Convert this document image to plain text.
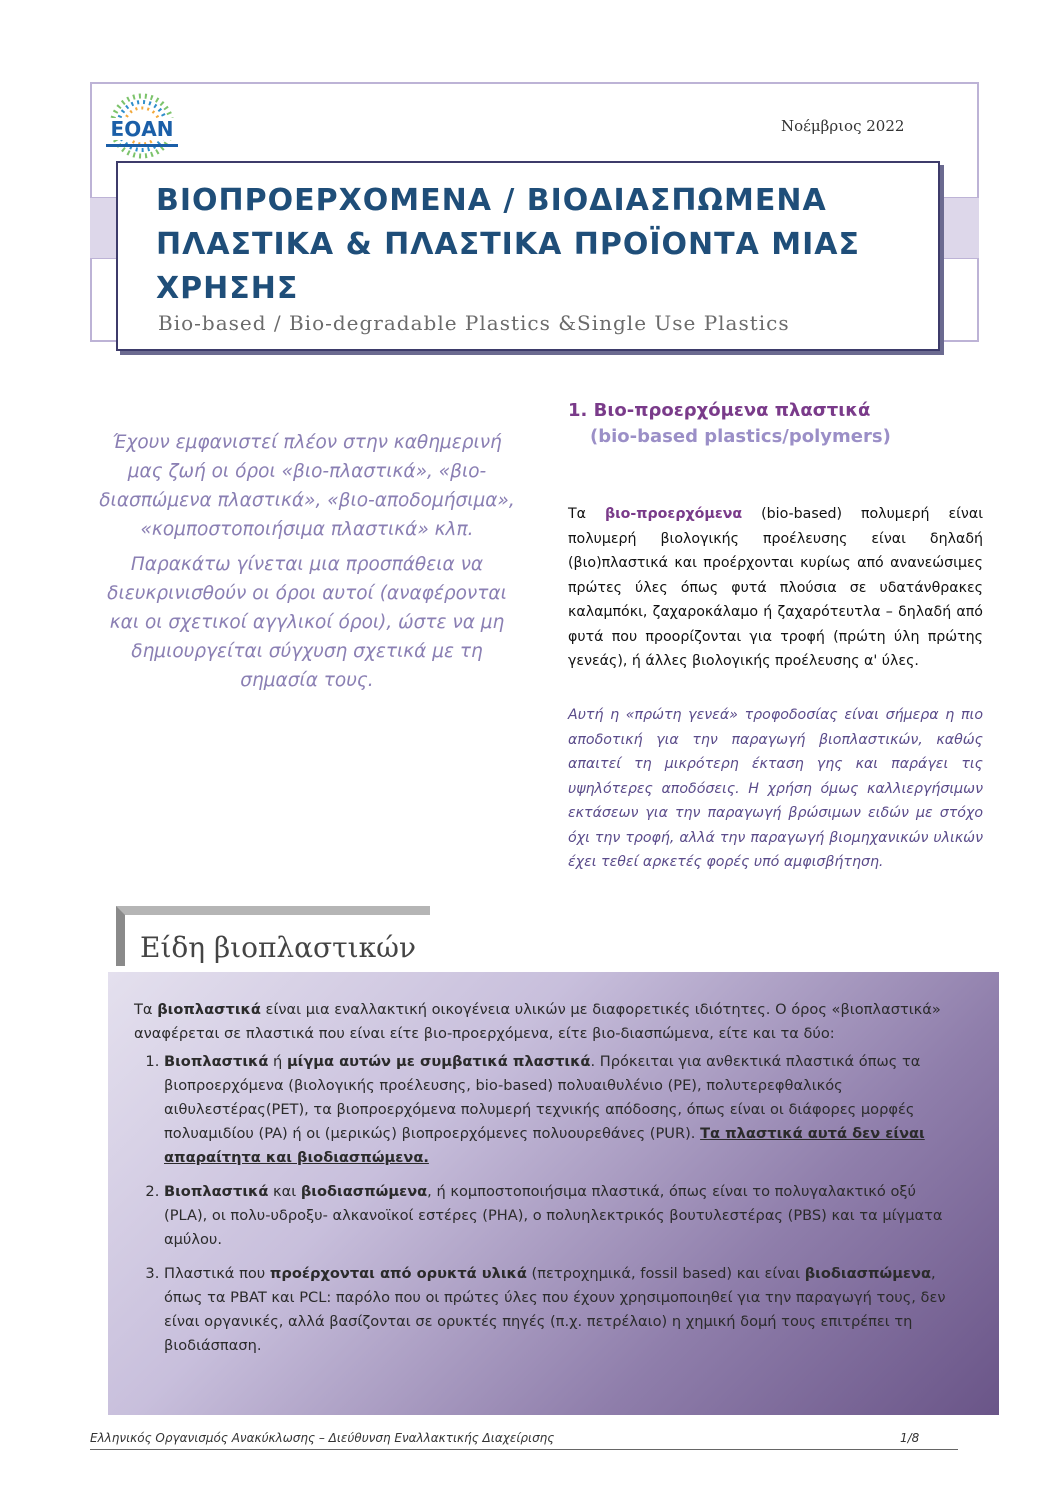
ΕΟΑΝ	Νοέμβριος 2022
ΒΙΟΠΡΟΕΡΧΟΜΕΝΑ / ΒΙΟΔΙΑΣΠΩΜΕΝΑ
ΠΛΑΣΤΙΚΑ & ΠΛΑΣΤΙΚΑ ΠΡΟΪΟΝΤΑ ΜΙΑΣ
ΧΡΗΣΗΣ
Bio-based / Bio-degradable Plastics &Single Use Plastics

Έχουν εμφανιστεί πλέον στην καθημερινή μας ζωή οι όροι «βιο-πλαστικά», «βιο-διασπώμενα πλαστικά», «βιο-αποδομήσιμα», «κομποστοποιήσιμα πλαστικά» κλπ.

Παρακάτω γίνεται μια προσπάθεια να διευκρινισθούν οι όροι αυτοί (αναφέρονται και οι σχετικοί αγγλικοί όροι), ώστε να μη δημιουργείται σύγχυση σχετικά με τη σημασία τους.

1. Βιο-προερχόμενα πλαστικά
(bio-based plastics/polymers)

Τα βιο-προερχόμενα (bio-based) πολυμερή είναι πολυμερή βιολογικής προέλευσης είναι δηλαδή (βιο)πλαστικά και προέρχονται κυρίως από ανανεώσιμες πρώτες ύλες όπως φυτά πλούσια σε υδατάνθρακες καλαμπόκι, ζαχαροκάλαμο ή ζαχαρότευτλα – δηλαδή από φυτά που προορίζονται για τροφή (πρώτη ύλη πρώτης γενεάς), ή άλλες βιολογικής προέλευσης α' ύλες.

Αυτή η «πρώτη γενεά» τροφοδοσίας είναι σήμερα η πιο αποδοτική για την παραγωγή βιοπλαστικών, καθώς απαιτεί τη μικρότερη έκταση γης και παράγει τις υψηλότερες αποδόσεις. Η χρήση όμως καλλιεργήσιμων εκτάσεων για την παραγωγή βρώσιμων ειδών με στόχο όχι την τροφή, αλλά την παραγωγή βιομηχανικών υλικών έχει τεθεί αρκετές φορές υπό αμφισβήτηση.

Είδη βιοπλαστικών

Τα βιοπλαστικά είναι μια εναλλακτική οικογένεια υλικών με διαφορετικές ιδιότητες. Ο όρος «βιοπλαστικά» αναφέρεται σε πλαστικά που είναι είτε βιο-προερχόμενα, είτε βιο-διασπώμενα, είτε και τα δύο:

1. Βιοπλαστικά ή μίγμα αυτών με συμβατικά πλαστικά. Πρόκειται για ανθεκτικά πλαστικά όπως τα βιοπροερχόμενα (βιολογικής προέλευσης, bio-based) πολυαιθυλένιο (PE), πολυτερεφθαλικός αιθυλεστέρας(PET), τα βιοπροερχόμενα πολυμερή τεχνικής απόδοσης, όπως είναι οι διάφορες μορφές πολυαμιδίου (PA) ή οι (μερικώς) βιοπροερχόμενες πολυουρεθάνες (PUR). Τα πλαστικά αυτά δεν είναι απαραίτητα και βιοδιασπώμενα.
2. Βιοπλαστικά και βιοδιασπώμενα, ή κομποστοποιήσιμα πλαστικά, όπως είναι το πολυγαλακτικό οξύ (PLA), οι πολυ-υδροξυ- αλκανοϊκοί εστέρες (PHA), ο πολυηλεκτρικός βουτυλεστέρας (PBS) και τα μίγματα αμύλου.
3. Πλαστικά που προέρχονται από ορυκτά υλικά (πετροχημικά, fossil based) και είναι βιοδιασπώμενα, όπως τα PBAT και PCL: παρόλο που οι πρώτες ύλες που έχουν χρησιμοποιηθεί για την παραγωγή τους, δεν είναι οργανικές, αλλά βασίζονται σε ορυκτές πηγές (π.χ. πετρέλαιο) η χημική δομή τους επιτρέπει τη βιοδιάσπαση.
Ελληνικός Οργανισμός Ανακύκλωσης – Διεύθυνση Εναλλακτικής Διαχείρισης	1/8
